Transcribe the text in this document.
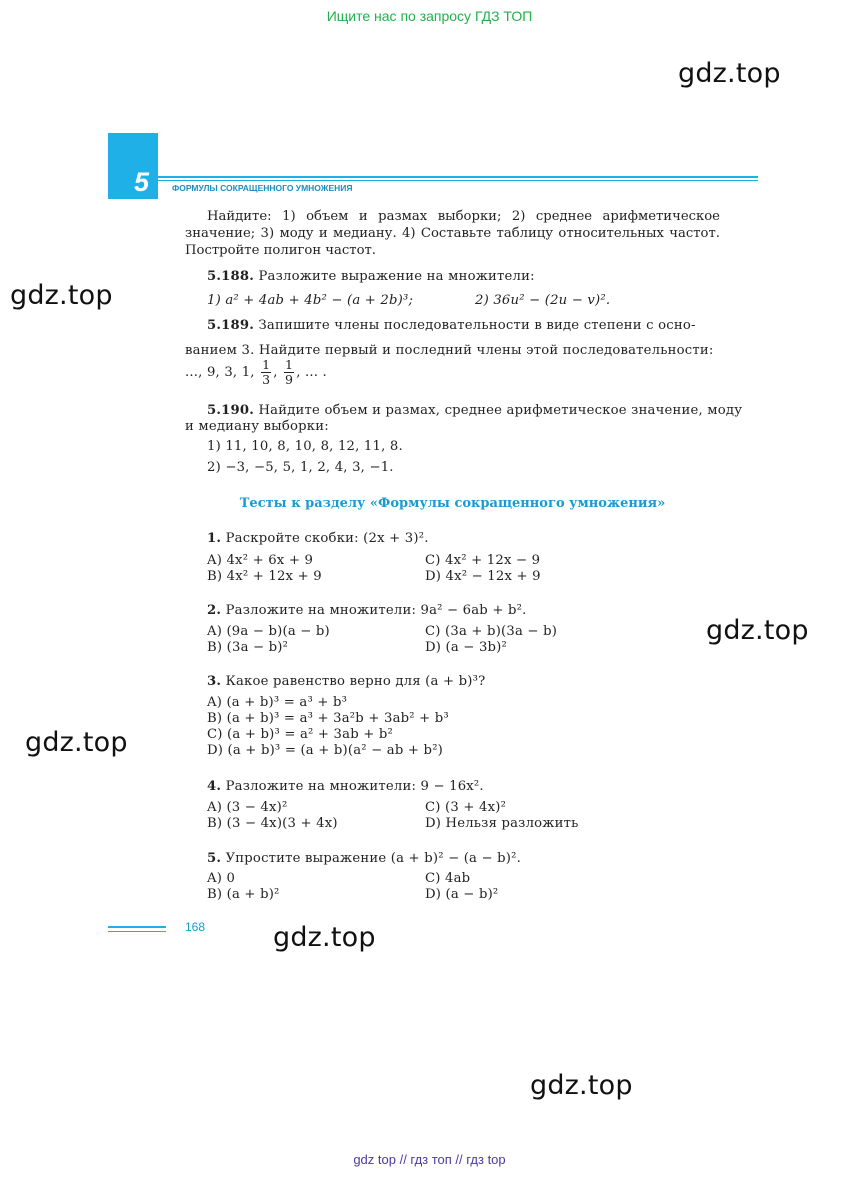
Ищите нас по запросу ГДЗ ТОП
gdz.top
gdz.top
gdz.top
gdz.top
gdz.top
gdz.top
5	ФОРМУЛЫ СОКРАЩЕННОГО УМНОЖЕНИЯ
Найдите: 1) объем и размах выборки; 2) среднее арифметическое значение; 3) моду и медиану. 4) Составьте таблицу относительных частот. Постройте полигон частот.
5.188. Разложите выражение на множители:
1) a² + 4ab + 4b² − (a + 2b)³;	2) 36u² − (2u − v)².
5.189. Запишите члены последовательности в виде степени с осно-
ванием 3. Найдите первый и последний члены этой последовательности:
..., 9, 3, 1, $\frac{1}{3}$ , $\frac{1}{9}$ , ... .
5.190. Найдите объем и размах, среднее арифметическое значение, моду
и медиану выборки:
1) 11, 10, 8, 10, 8, 12, 11, 8.
2) −3, −5, 5, 1, 2, 4, 3, −1.
Тесты к разделу «Формулы сокращенного умножения»
1. Раскройте скобки: (2x + 3)².
A) 4x² + 6x + 9
B) 4x² + 12x + 9
C) 4x² + 12x − 9
D) 4x² − 12x + 9
2. Разложите на множители: 9a² − 6ab + b².
A) (9a − b)(a − b)
B) (3a − b)²
C) (3a + b)(3a − b)
D) (a − 3b)²
3. Какое равенство верно для (a + b)³?
A) (a + b)³ = a³ + b³
B) (a + b)³ = a³ + 3a²b + 3ab² + b³
C) (a + b)³ = a² + 3ab + b²
D) (a + b)³ = (a + b)(a² − ab + b²)
4. Разложите на множители: 9 − 16x².
A) (3 − 4x)²
B) (3 − 4x)(3 + 4x)
C) (3 + 4x)²
D) Нельзя разложить
5. Упростите выражение (a + b)² − (a − b)².
A) 0
B) (a + b)²
C) 4ab
D) (a − b)²
168
gdz top // гдз топ // гдз top
